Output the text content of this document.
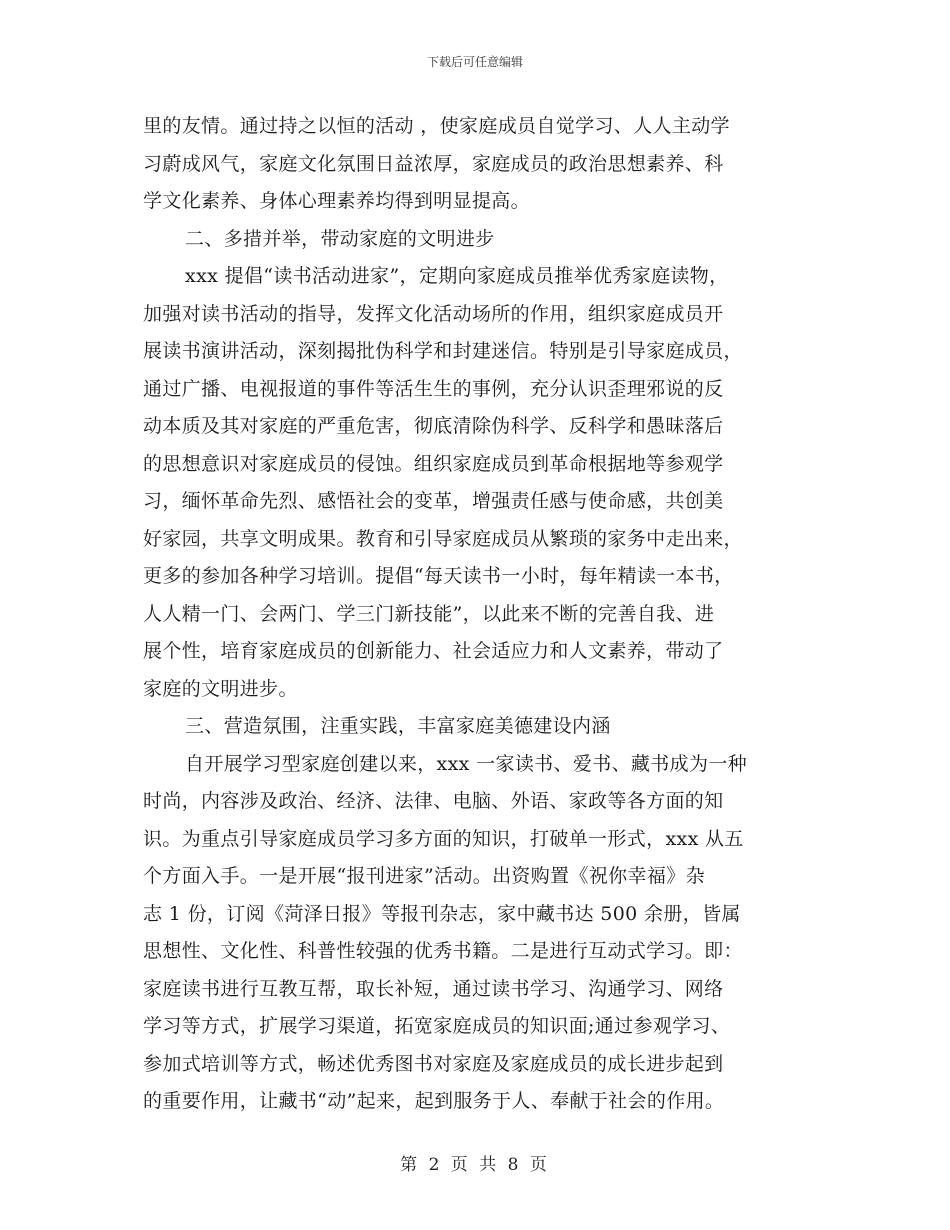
下载后可任意编辑
里的友情。通过持之以恒的活动 ，使家庭成员自觉学习、人人主动学
习蔚成风气，家庭文化氛围日益浓厚，家庭成员的政治思想素养、科
学文化素养、身体心理素养均得到明显提高。
二、多措并举，带动家庭的文明进步
xxx 提倡“读书活动进家”，定期向家庭成员推举优秀家庭读物，
加强对读书活动的指导，发挥文化活动场所的作用，组织家庭成员开
展读书演讲活动，深刻揭批伪科学和封建迷信。特别是引导家庭成员，
通过广播、电视报道的事件等活生生的事例，充分认识歪理邪说的反
动本质及其对家庭的严重危害，彻底清除伪科学、反科学和愚昧落后
的思想意识对家庭成员的侵蚀。组织家庭成员到革命根据地等参观学
习，缅怀革命先烈、感悟社会的变革，增强责任感与使命感，共创美
好家园，共享文明成果。教育和引导家庭成员从繁琐的家务中走出来，
更多的参加各种学习培训。提倡“每天读书一小时，每年精读一本书，
人人精一门、会两门、学三门新技能”，以此来不断的完善自我、进
展个性，培育家庭成员的创新能力、社会适应力和人文素养，带动了
家庭的文明进步。
三、营造氛围，注重实践，丰富家庭美德建设内涵
自开展学习型家庭创建以来，xxx 一家读书、爱书、藏书成为一种
时尚，内容涉及政治、经济、法律、电脑、外语、家政等各方面的知
识。为重点引导家庭成员学习多方面的知识，打破单一形式，xxx 从五
个方面入手。一是开展“报刊进家”活动。出资购置《祝你幸福》杂
志 1 份，订阅《菏泽日报》等报刊杂志，家中藏书达 500 余册，皆属
思想性、文化性、科普性较强的优秀书籍。二是进行互动式学习。即：
家庭读书进行互教互帮，取长补短，通过读书学习、沟通学习、网络
学习等方式，扩展学习渠道，拓宽家庭成员的知识面;通过参观学习、
参加式培训等方式，畅述优秀图书对家庭及家庭成员的成长进步起到
的重要作用，让藏书“动”起来，起到服务于人、奉献于社会的作用。
第 2 页 共 8 页
